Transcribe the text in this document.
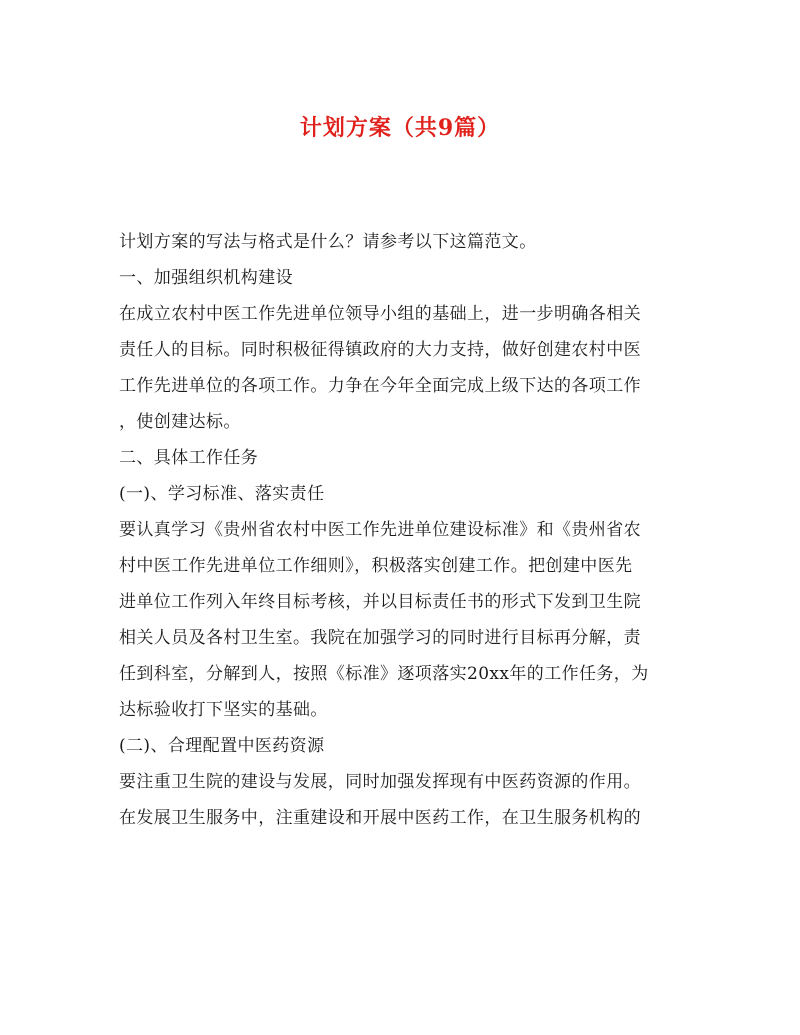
计划方案（共9篇）
计划方案的写法与格式是什么？请参考以下这篇范文。
一、加强组织机构建设
在成立农村中医工作先进单位领导小组的基础上，进一步明确各相关
责任人的目标。同时积极征得镇政府的大力支持，做好创建农村中医
工作先进单位的各项工作。力争在今年全面完成上级下达的各项工作
，使创建达标。
二、具体工作任务
(一)、学习标准、落实责任
要认真学习《贵州省农村中医工作先进单位建设标准》和《贵州省农
村中医工作先进单位工作细则》，积极落实创建工作。把创建中医先
进单位工作列入年终目标考核，并以目标责任书的形式下发到卫生院
相关人员及各村卫生室。我院在加强学习的同时进行目标再分解，责
任到科室，分解到人，按照《标准》逐项落实20xx年的工作任务，为
达标验收打下坚实的基础。
(二)、合理配置中医药资源
要注重卫生院的建设与发展，同时加强发挥现有中医药资源的作用。
在发展卫生服务中，注重建设和开展中医药工作，在卫生服务机构的
